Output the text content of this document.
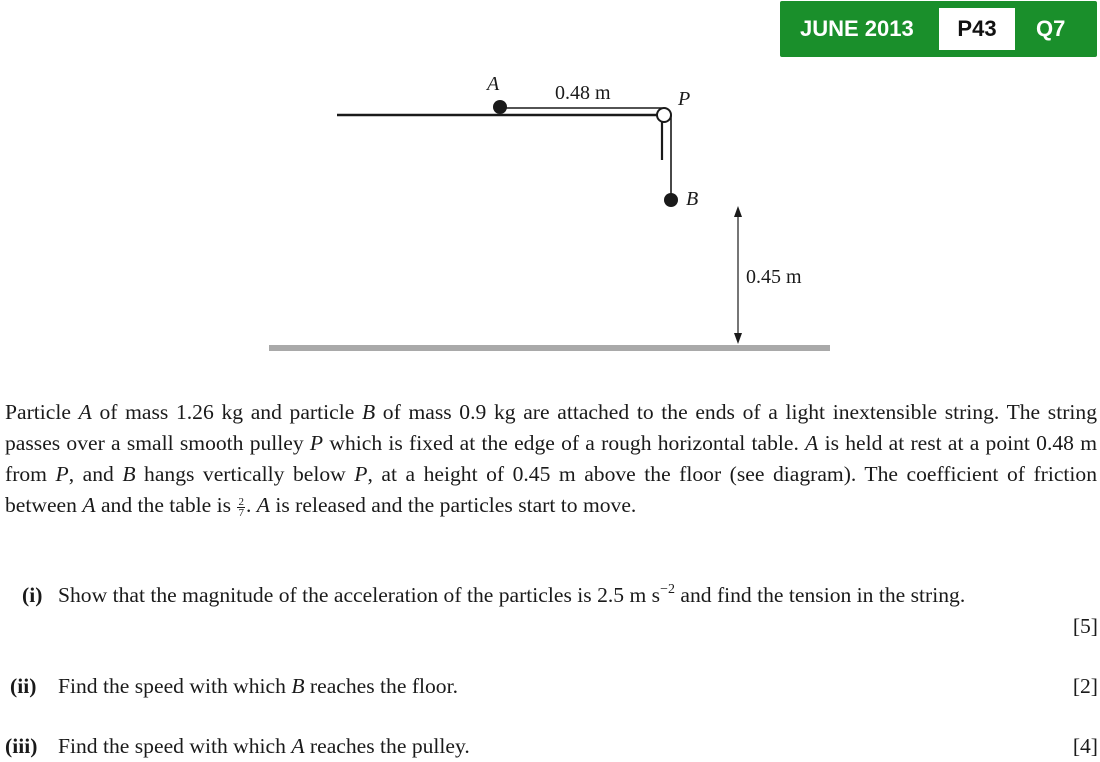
JUNE 2013	P43	Q7
A	0.48 m	P
B
0.45 m
Particle A of mass 1.26 kg and particle B of mass 0.9 kg are attached to the ends of a light inextensible string. The string passes over a small smooth pulley P which is fixed at the edge of a rough horizontal table. A is held at rest at a point 0.48 m from P, and B hangs vertically below P, at a height of 0.45 m above the floor (see diagram). The coefficient of friction between A and the table is $\frac{2}{7}$ . A is released and the particles start to move.
(i) Show that the magnitude of the acceleration of the particles is 2.5 m $s^{-2}$ and find the tension in the string.
[5]
(ii) Find the speed with which B reaches the floor.	[2]
(iii) Find the speed with which A reaches the pulley.	[4]
